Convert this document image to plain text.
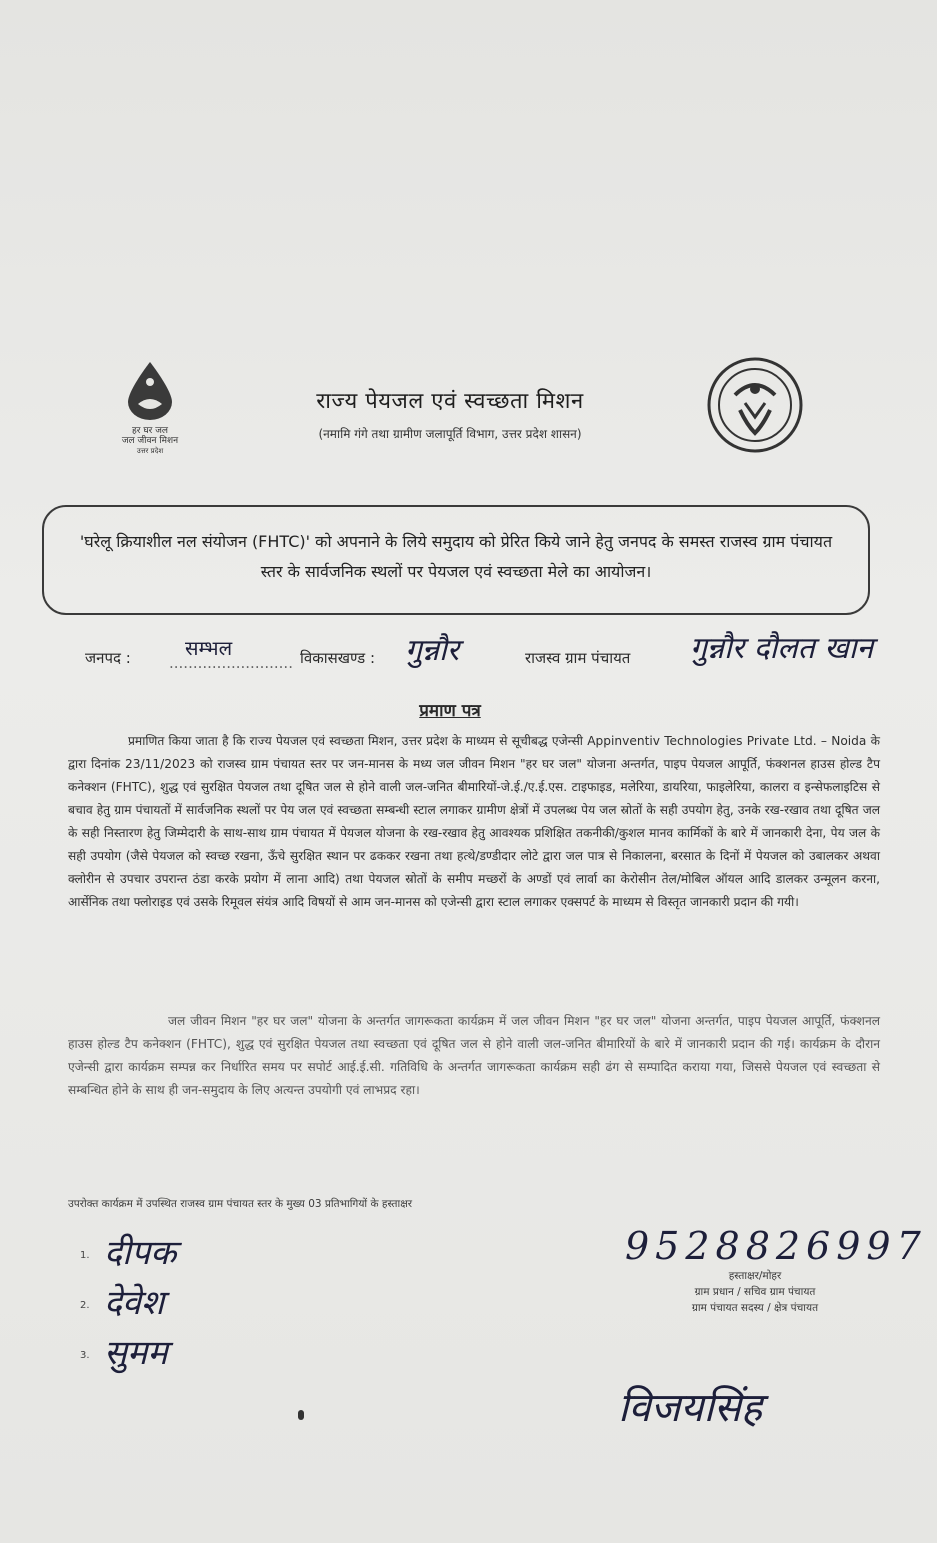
हर घर जल
जल जीवन मिशन
उत्तर प्रदेश
राज्य पेयजल एवं स्वच्छता मिशन
(नमामि गंगे तथा ग्रामीण जलापूर्ति विभाग, उत्तर प्रदेश शासन)
'घरेलू क्रियाशील नल संयोजन (FHTC)' को अपनाने के लिये समुदाय को प्रेरित किये जाने हेतु जनपद के समस्त राजस्व ग्राम पंचायत स्तर के सार्वजनिक स्थलों पर पेयजल एवं स्वच्छता मेले का आयोजन।
जनपद :	सम्भल
.......................... विकासखण्ड : गुन्नौर	राजस्व ग्राम पंचायत गुन्नौर दौलत खान
प्रमाण पत्र
प्रमाणित किया जाता है कि राज्य पेयजल एवं स्वच्छता मिशन, उत्तर प्रदेश के माध्यम से सूचीबद्ध एजेन्सी Appinventiv Technologies Private Ltd. – Noida के द्वारा दिनांक 23/11/2023 को राजस्व ग्राम पंचायत स्तर पर जन-मानस के मध्य जल जीवन मिशन "हर घर जल" योजना अन्तर्गत, पाइप पेयजल आपूर्ति, फंक्शनल हाउस होल्ड टैप कनेक्शन (FHTC), शुद्ध एवं सुरक्षित पेयजल तथा दूषित जल से होने वाली जल-जनित बीमारियों-जे.ई./ए.ई.एस. टाइफाइड, मलेरिया, डायरिया, फाइलेरिया, कालरा व इन्सेफलाइटिस से बचाव हेतु ग्राम पंचायतों में सार्वजनिक स्थलों पर पेय जल एवं स्वच्छता सम्बन्धी स्टाल लगाकर ग्रामीण क्षेत्रों में उपलब्ध पेय जल स्रोतों के सही उपयोग हेतु, उनके रख-रखाव तथा दूषित जल के सही निस्तारण हेतु जिम्मेदारी के साथ-साथ ग्राम पंचायत में पेयजल योजना के रख-रखाव हेतु आवश्यक प्रशिक्षित तकनीकी/कुशल मानव कार्मिकों के बारे में जानकारी देना, पेय जल के सही उपयोग (जैसे पेयजल को स्वच्छ रखना, ऊँचे सुरक्षित स्थान पर ढककर रखना तथा हत्थे/डण्डीदार लोटे द्वारा जल पात्र से निकालना, बरसात के दिनों में पेयजल को उबालकर अथवा क्लोरीन से उपचार उपरान्त ठंडा करके प्रयोग में लाना आदि) तथा पेयजल स्रोतों के समीप मच्छरों के अण्डों एवं लार्वा का केरोसीन तेल/मोबिल ऑयल आदि डालकर उन्मूलन करना, आर्सेनिक तथा फ्लोराइड एवं उसके रिमूवल संयंत्र आदि विषयों से आम जन-मानस को एजेन्सी द्वारा स्टाल लगाकर एक्सपर्ट के माध्यम से विस्तृत जानकारी प्रदान की गयी।
जल जीवन मिशन "हर घर जल" योजना के अन्तर्गत जागरूकता कार्यक्रम में जल जीवन मिशन "हर घर जल" योजना अन्तर्गत, पाइप पेयजल आपूर्ति, फंक्शनल हाउस होल्ड टैप कनेक्शन (FHTC), शुद्ध एवं सुरक्षित पेयजल तथा स्वच्छता एवं दूषित जल से होने वाली जल-जनित बीमारियों के बारे में जानकारी प्रदान की गई। कार्यक्रम के दौरान एजेन्सी द्वारा कार्यक्रम सम्पन्न कर निर्धारित समय पर सपोर्ट आई.ई.सी. गतिविधि के अन्तर्गत जागरूकता कार्यक्रम सही ढंग से सम्पादित कराया गया, जिससे पेयजल एवं स्वच्छता से सम्बन्धित होने के साथ ही जन-समुदाय के लिए अत्यन्त उपयोगी एवं लाभप्रद रहा।
उपरोक्त कार्यक्रम में उपस्थित राजस्व ग्राम पंचायत स्तर के मुख्य 03 प्रतिभागियों के हस्ताक्षर
1. दीपक
2. देवेश
3. सुमम
9528826997
हस्ताक्षर/मोहर
ग्राम प्रधान / सचिव ग्राम पंचायत
ग्राम पंचायत सदस्य / क्षेत्र पंचायत
विजयसिंह
